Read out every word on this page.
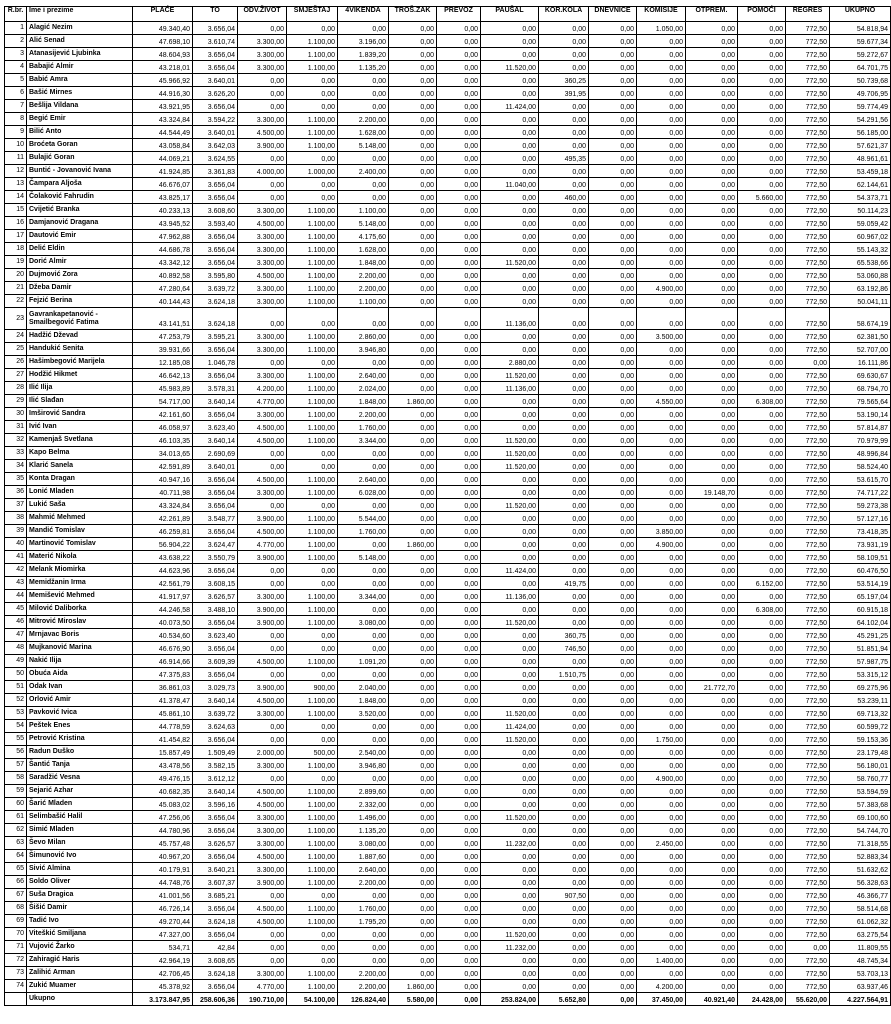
R.br.	Ime i prezime	PLAĆE	TO	ODV.ŽIVOT	SMJEŠTAJ	4VIKENDA	TROŠ.ZAK	PREVOZ	PAUŠAL	KOR.KOLA	DNEVNICE	KOMISIJE	OTPREM.	POMOĆI	REGRES	UKUPNO
1	Alagić Nezim	49.340,40	3.656,04	0,00	0,00	0,00	0,00	0,00	0,00	0,00	0,00	1.050,00	0,00	0,00	772,50	54.818,94
2	Alić Senad	47.698,10	3.610,74	3.300,00	1.100,00	3.196,00	0,00	0,00	0,00	0,00	0,00	0,00	0,00	0,00	772,50	59.677,34
3	Atanasijević Ljubinka	48.604,93	3.656,04	3.300,00	1.100,00	1.839,20	0,00	0,00	0,00	0,00	0,00	0,00	0,00	0,00	772,50	59.272,67
4	Babajić Almir	43.218,01	3.656,04	3.300,00	1.100,00	1.135,20	0,00	0,00	11.520,00	0,00	0,00	0,00	0,00	0,00	772,50	64.701,75
5	Babić Amra	45.966,92	3.640,01	0,00	0,00	0,00	0,00	0,00	0,00	360,25	0,00	0,00	0,00	0,00	772,50	50.739,68
6	Bašić Mirnes	44.916,30	3.626,20	0,00	0,00	0,00	0,00	0,00	0,00	391,95	0,00	0,00	0,00	0,00	772,50	49.706,95
7	Bešlija Vildana	43.921,95	3.656,04	0,00	0,00	0,00	0,00	0,00	11.424,00	0,00	0,00	0,00	0,00	0,00	772,50	59.774,49
8	Begić Emir	43.324,84	3.594,22	3.300,00	1.100,00	2.200,00	0,00	0,00	0,00	0,00	0,00	0,00	0,00	0,00	772,50	54.291,56
9	Bilić Anto	44.544,49	3.640,01	4.500,00	1.100,00	1.628,00	0,00	0,00	0,00	0,00	0,00	0,00	0,00	0,00	772,50	56.185,00
10	Broćeta Goran	43.058,84	3.642,03	3.900,00	1.100,00	5.148,00	0,00	0,00	0,00	0,00	0,00	0,00	0,00	0,00	772,50	57.621,37
11	Bulajić Goran	44.069,21	3.624,55	0,00	0,00	0,00	0,00	0,00	0,00	495,35	0,00	0,00	0,00	0,00	772,50	48.961,61
12	Buntić - Jovanović Ivana	41.924,85	3.361,83	4.000,00	1.000,00	2.400,00	0,00	0,00	0,00	0,00	0,00	0,00	0,00	0,00	772,50	53.459,18
13	Čampara Aljoša	46.676,07	3.656,04	0,00	0,00	0,00	0,00	0,00	11.040,00	0,00	0,00	0,00	0,00	0,00	772,50	62.144,61
14	Čolaković Fahrudin	43.825,17	3.656,04	0,00	0,00	0,00	0,00	0,00	0,00	460,00	0,00	0,00	0,00	5.660,00	772,50	54.373,71
15	Cvijetić Branka	40.233,13	3.608,60	3.300,00	1.100,00	1.100,00	0,00	0,00	0,00	0,00	0,00	0,00	0,00	0,00	772,50	50.114,23
16	Damjanović Dragana	43.945,52	3.593,40	4.500,00	1.100,00	5.148,00	0,00	0,00	0,00	0,00	0,00	0,00	0,00	0,00	772,50	59.059,42
17	Dautović Emir	47.962,88	3.656,04	3.300,00	1.100,00	4.175,60	0,00	0,00	0,00	0,00	0,00	0,00	0,00	0,00	772,50	60.967,02
18	Delić Eldin	44.686,78	3.656,04	3.300,00	1.100,00	1.628,00	0,00	0,00	0,00	0,00	0,00	0,00	0,00	0,00	772,50	55.143,32
19	Dorić Almir	43.342,12	3.656,04	3.300,00	1.100,00	1.848,00	0,00	0,00	11.520,00	0,00	0,00	0,00	0,00	0,00	772,50	65.538,66
20	Dujmović Zora	40.892,58	3.595,80	4.500,00	1.100,00	2.200,00	0,00	0,00	0,00	0,00	0,00	0,00	0,00	0,00	772,50	53.060,88
21	Džeba Damir	47.280,64	3.639,72	3.300,00	1.100,00	2.200,00	0,00	0,00	0,00	0,00	0,00	4.900,00	0,00	0,00	772,50	63.192,86
22	Fejzić Berina	40.144,43	3.624,18	3.300,00	1.100,00	1.100,00	0,00	0,00	0,00	0,00	0,00	0,00	0,00	0,00	772,50	50.041,11
23	Gavrankapetanović - Smailbegović Fatima	43.141,51	3.624,18	0,00	0,00	0,00	0,00	0,00	11.136,00	0,00	0,00	0,00	0,00	0,00	772,50	58.674,19
24	Hadžić Dževad	47.253,79	3.595,21	3.300,00	1.100,00	2.860,00	0,00	0,00	0,00	0,00	0,00	3.500,00	0,00	0,00	772,50	62.381,50
25	Handukić Senita	39.931,66	3.656,04	3.300,00	1.100,00	3.946,80	0,00	0,00	0,00	0,00	0,00	0,00	0,00	0,00	772,50	52.707,00
26	Hašimbegović Marijela	12.185,08	1.046,78	0,00	0,00	0,00	0,00	0,00	2.880,00	0,00	0,00	0,00	0,00	0,00	0,00	16.111,86
27	Hodžić Hikmet	46.642,13	3.656,04	3.300,00	1.100,00	2.640,00	0,00	0,00	11.520,00	0,00	0,00	0,00	0,00	0,00	772,50	69.630,67
28	Ilić Ilija	45.983,89	3.578,31	4.200,00	1.100,00	2.024,00	0,00	0,00	11.136,00	0,00	0,00	0,00	0,00	0,00	772,50	68.794,70
29	Ilić Slađan	54.717,00	3.640,14	4.770,00	1.100,00	1.848,00	1.860,00	0,00	0,00	0,00	0,00	4.550,00	0,00	6.308,00	772,50	79.565,64
30	Imširović Sandra	42.161,60	3.656,04	3.300,00	1.100,00	2.200,00	0,00	0,00	0,00	0,00	0,00	0,00	0,00	0,00	772,50	53.190,14
31	Ivić Ivan	46.058,97	3.623,40	4.500,00	1.100,00	1.760,00	0,00	0,00	0,00	0,00	0,00	0,00	0,00	0,00	772,50	57.814,87
32	Kamenjaš Svetlana	46.103,35	3.640,14	4.500,00	1.100,00	3.344,00	0,00	0,00	11.520,00	0,00	0,00	0,00	0,00	0,00	772,50	70.979,99
33	Kapo Belma	34.013,65	2.690,69	0,00	0,00	0,00	0,00	0,00	11.520,00	0,00	0,00	0,00	0,00	0,00	772,50	48.996,84
34	Klarić Sanela	42.591,89	3.640,01	0,00	0,00	0,00	0,00	0,00	11.520,00	0,00	0,00	0,00	0,00	0,00	772,50	58.524,40
35	Konta Dragan	40.947,16	3.656,04	4.500,00	1.100,00	2.640,00	0,00	0,00	0,00	0,00	0,00	0,00	0,00	0,00	772,50	53.615,70
36	Lonić Mladen	40.711,98	3.656,04	3.300,00	1.100,00	6.028,00	0,00	0,00	0,00	0,00	0,00	0,00	19.148,70	0,00	772,50	74.717,22
37	Lukić Saša	43.324,84	3.656,04	0,00	0,00	0,00	0,00	0,00	11.520,00	0,00	0,00	0,00	0,00	0,00	772,50	59.273,38
38	Mahmić Mehmed	42.261,89	3.548,77	3.900,00	1.100,00	5.544,00	0,00	0,00	0,00	0,00	0,00	0,00	0,00	0,00	772,50	57.127,16
39	Mandić Tomislav	46.259,81	3.656,04	4.500,00	1.100,00	1.760,00	0,00	0,00	0,00	0,00	0,00	3.850,00	0,00	0,00	772,50	73.418,35
40	Martinović Tomislav	56.904,22	3.624,47	4.770,00	1.100,00	0,00	1.860,00	0,00	0,00	0,00	0,00	4.900,00	0,00	0,00	772,50	73.931,19
41	Materić Nikola	43.638,22	3.550,79	3.900,00	1.100,00	5.148,00	0,00	0,00	0,00	0,00	0,00	0,00	0,00	0,00	772,50	58.109,51
42	Melank Miomirka	44.623,96	3.656,04	0,00	0,00	0,00	0,00	0,00	11.424,00	0,00	0,00	0,00	0,00	0,00	772,50	60.476,50
43	Memidžanin Irma	42.561,79	3.608,15	0,00	0,00	0,00	0,00	0,00	0,00	419,75	0,00	0,00	0,00	6.152,00	772,50	53.514,19
44	Memišević Mehmed	41.917,97	3.626,57	3.300,00	1.100,00	3.344,00	0,00	0,00	11.136,00	0,00	0,00	0,00	0,00	0,00	772,50	65.197,04
45	Milović Daliborka	44.246,58	3.488,10	3.900,00	1.100,00	0,00	0,00	0,00	0,00	0,00	0,00	0,00	0,00	6.308,00	772,50	60.915,18
46	Mitrović Miroslav	40.073,50	3.656,04	3.900,00	1.100,00	3.080,00	0,00	0,00	11.520,00	0,00	0,00	0,00	0,00	0,00	772,50	64.102,04
47	Mrnjavac Boris	40.534,60	3.623,40	0,00	0,00	0,00	0,00	0,00	0,00	360,75	0,00	0,00	0,00	0,00	772,50	45.291,25
48	Mujkanović Marina	46.676,90	3.656,04	0,00	0,00	0,00	0,00	0,00	0,00	746,50	0,00	0,00	0,00	0,00	772,50	51.851,94
49	Nakić Ilija	46.914,66	3.609,39	4.500,00	1.100,00	1.091,20	0,00	0,00	0,00	0,00	0,00	0,00	0,00	0,00	772,50	57.987,75
50	Obuća Aida	47.375,83	3.656,04	0,00	0,00	0,00	0,00	0,00	0,00	1.510,75	0,00	0,00	0,00	0,00	772,50	53.315,12
51	Odak Ivan	36.861,03	3.029,73	3.900,00	900,00	2.040,00	0,00	0,00	0,00	0,00	0,00	0,00	21.772,70	0,00	772,50	69.275,96
52	Orlović Amir	41.378,47	3.640,14	4.500,00	1.100,00	1.848,00	0,00	0,00	0,00	0,00	0,00	0,00	0,00	0,00	772,50	53.239,11
53	Pavković Ivica	45.861,10	3.639,72	3.300,00	1.100,00	3.520,00	0,00	0,00	11.520,00	0,00	0,00	0,00	0,00	0,00	772,50	69.713,32
54	Peštek Enes	44.778,59	3.624,63	0,00	0,00	0,00	0,00	0,00	11.424,00	0,00	0,00	0,00	0,00	0,00	772,50	60.599,72
55	Petrović Kristina	41.454,82	3.656,04	0,00	0,00	0,00	0,00	0,00	11.520,00	0,00	0,00	1.750,00	0,00	0,00	772,50	59.153,36
56	Radun Duško	15.857,49	1.509,49	2.000,00	500,00	2.540,00	0,00	0,00	0,00	0,00	0,00	0,00	0,00	0,00	772,50	23.179,48
57	Šantić Tanja	43.478,56	3.582,15	3.300,00	1.100,00	3.946,80	0,00	0,00	0,00	0,00	0,00	0,00	0,00	0,00	772,50	56.180,01
58	Saradžić Vesna	49.476,15	3.612,12	0,00	0,00	0,00	0,00	0,00	0,00	0,00	0,00	4.900,00	0,00	0,00	772,50	58.760,77
59	Sejarić Azhar	40.682,35	3.640,14	4.500,00	1.100,00	2.899,60	0,00	0,00	0,00	0,00	0,00	0,00	0,00	0,00	772,50	53.594,59
60	Šarić Mladen	45.083,02	3.596,16	4.500,00	1.100,00	2.332,00	0,00	0,00	0,00	0,00	0,00	0,00	0,00	0,00	772,50	57.383,68
61	Selimbašić Halil	47.256,06	3.656,04	3.300,00	1.100,00	1.496,00	0,00	0,00	11.520,00	0,00	0,00	0,00	0,00	0,00	772,50	69.100,60
62	Simić Mladen	44.780,96	3.656,04	3.300,00	1.100,00	1.135,20	0,00	0,00	0,00	0,00	0,00	0,00	0,00	0,00	772,50	54.744,70
63	Ševo Milan	45.757,48	3.626,57	3.300,00	1.100,00	3.080,00	0,00	0,00	11.232,00	0,00	0,00	2.450,00	0,00	0,00	772,50	71.318,55
64	Šimunović Ivo	40.967,20	3.656,04	4.500,00	1.100,00	1.887,60	0,00	0,00	0,00	0,00	0,00	0,00	0,00	0,00	772,50	52.883,34
65	Sivić Almina	40.179,91	3.640,21	3.300,00	1.100,00	2.640,00	0,00	0,00	0,00	0,00	0,00	0,00	0,00	0,00	772,50	51.632,62
66	Soldo Oliver	44.748,76	3.607,37	3.900,00	1.100,00	2.200,00	0,00	0,00	0,00	0,00	0,00	0,00	0,00	0,00	772,50	56.328,63
67	Suša Dragica	41.001,56	3.685,21	0,00	0,00	0,00	0,00	0,00	0,00	907,50	0,00	0,00	0,00	0,00	772,50	46.366,77
68	Šišić Damir	46.726,14	3.656,04	4.500,00	1.100,00	1.760,00	0,00	0,00	0,00	0,00	0,00	0,00	0,00	0,00	772,50	58.514,68
69	Tadić Ivo	49.270,44	3.624,18	4.500,00	1.100,00	1.795,20	0,00	0,00	0,00	0,00	0,00	0,00	0,00	0,00	772,50	61.062,32
70	Viteškić Smiljana	47.327,00	3.656,04	0,00	0,00	0,00	0,00	0,00	11.520,00	0,00	0,00	0,00	0,00	0,00	772,50	63.275,54
71	Vujović Žarko	534,71	42,84	0,00	0,00	0,00	0,00	0,00	11.232,00	0,00	0,00	0,00	0,00	0,00	0,00	11.809,55
72	Zahiragić Haris	42.964,19	3.608,65	0,00	0,00	0,00	0,00	0,00	0,00	0,00	0,00	1.400,00	0,00	0,00	772,50	48.745,34
73	Zalihić Arman	42.706,45	3.624,18	3.300,00	1.100,00	2.200,00	0,00	0,00	0,00	0,00	0,00	0,00	0,00	0,00	772,50	53.703,13
74	Zukić Muamer	45.378,92	3.656,04	4.770,00	1.100,00	2.200,00	1.860,00	0,00	0,00	0,00	0,00	4.200,00	0,00	0,00	772,50	63.937,46
	Ukupno	3.173.847,95	258.606,36	190.710,00	54.100,00	126.824,40	5.580,00	0,00	253.824,00	5.652,80	0,00	37.450,00	40.921,40	24.428,00	55.620,00	4.227.564,91
